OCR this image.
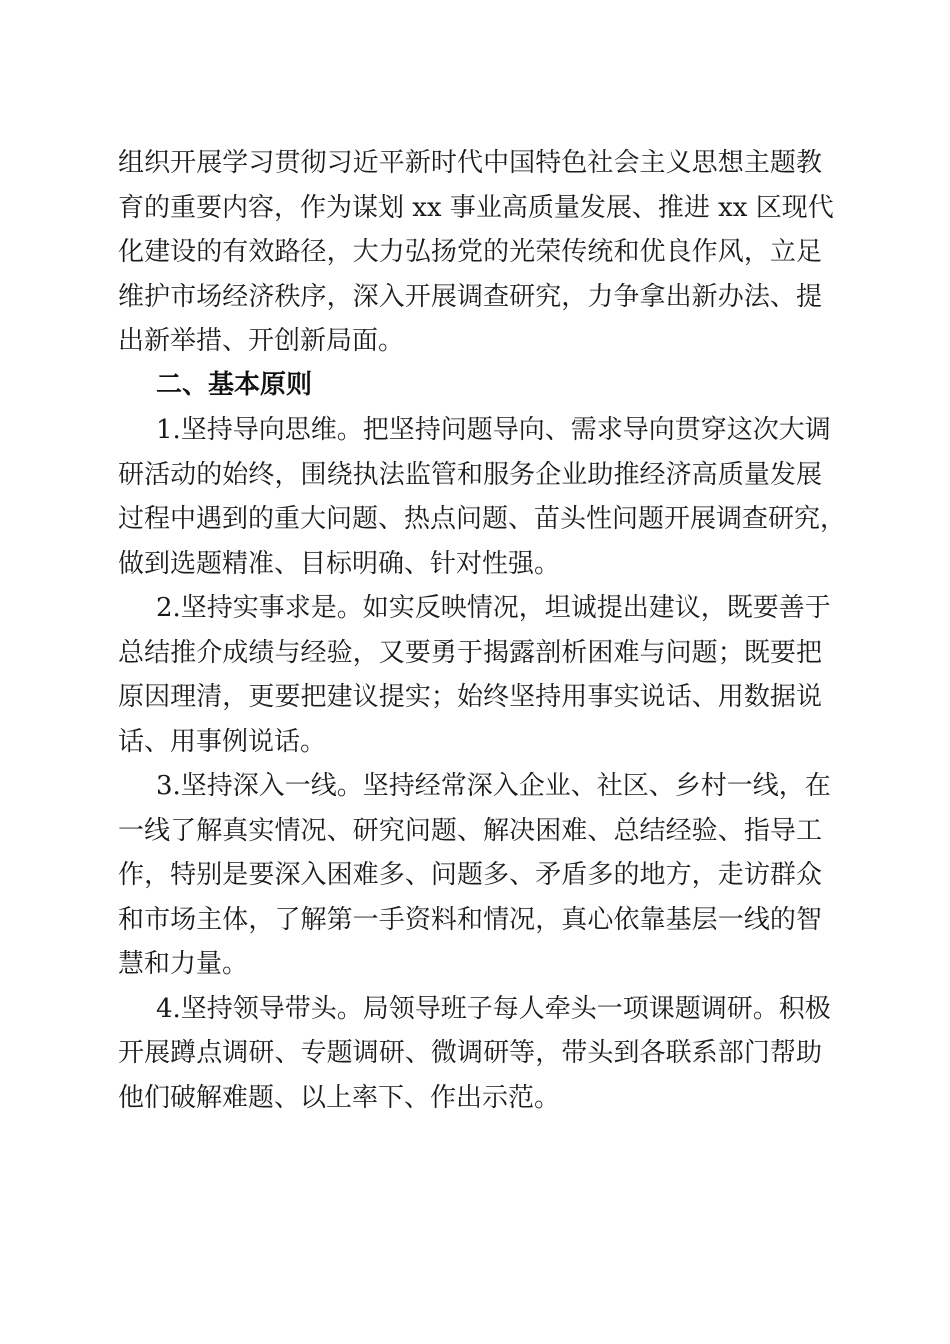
组织开展学习贯彻习近平新时代中国特色社会主义思想主题教
育的重要内容，作为谋划 xx 事业高质量发展、推进 xx 区现代
化建设的有效路径，大力弘扬党的光荣传统和优良作风，立足
维护市场经济秩序，深入开展调查研究，力争拿出新办法、提
出新举措、开创新局面。
二、基本原则
1.坚持导向思维。把坚持问题导向、需求导向贯穿这次大调
研活动的始终，围绕执法监管和服务企业助推经济高质量发展
过程中遇到的重大问题、热点问题、苗头性问题开展调查研究，
做到选题精准、目标明确、针对性强。
2.坚持实事求是。如实反映情况，坦诚提出建议，既要善于
总结推介成绩与经验，又要勇于揭露剖析困难与问题；既要把
原因理清，更要把建议提实；始终坚持用事实说话、用数据说
话、用事例说话。
3.坚持深入一线。坚持经常深入企业、社区、乡村一线，在
一线了解真实情况、研究问题、解决困难、总结经验、指导工
作，特别是要深入困难多、问题多、矛盾多的地方，走访群众
和市场主体，了解第一手资料和情况，真心依靠基层一线的智
慧和力量。
4.坚持领导带头。局领导班子每人牵头一项课题调研。积极
开展蹲点调研、专题调研、微调研等，带头到各联系部门帮助
他们破解难题、以上率下、作出示范。
